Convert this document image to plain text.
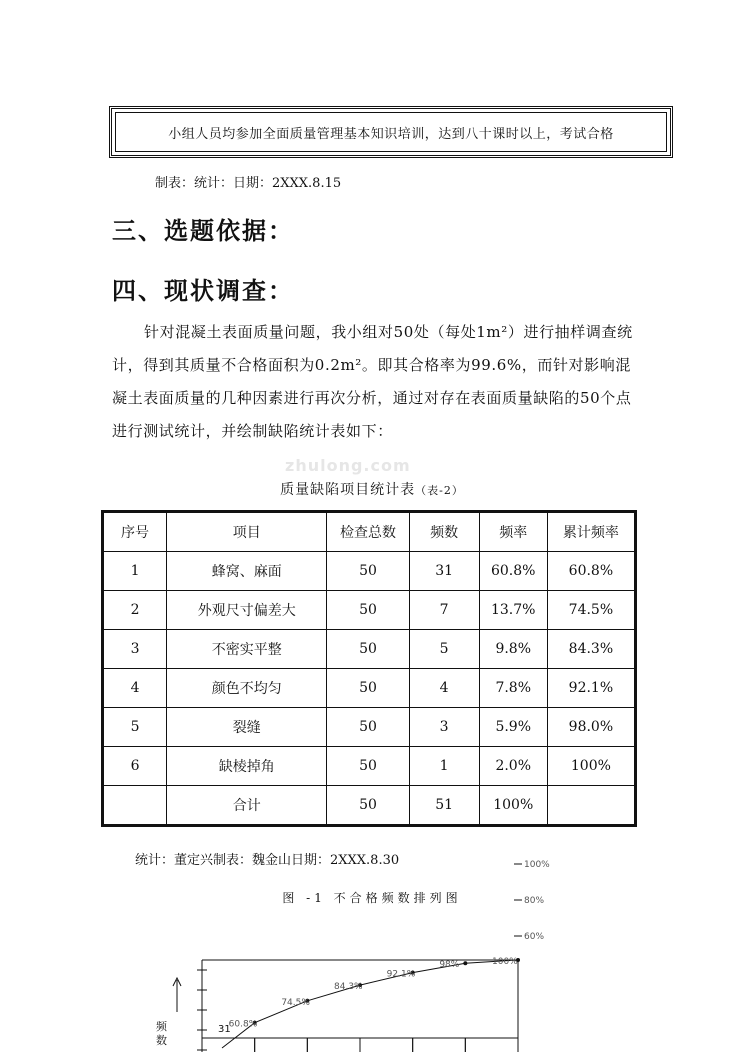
小组人员均参加全面质量管理基本知识培训，达到八十课时以上，考试合格
制表：统计：日期：2XXX.8.15
三、选题依据：
四、现状调查：
针对混凝土表面质量问题，我小组对50处（每处1m²）进行抽样调查统计，得到其质量不合格面积为0.2m²。即其合格率为99.6%，而针对影响混凝土表面质量的几种因素进行再次分析，通过对存在表面质量缺陷的50个点进行测试统计，并绘制缺陷统计表如下：
zhulong.com
质量缺陷项目统计表（表-2）
序号	项目	检查总数	频数	频率	累计频率
1	蜂窝、麻面	50	31	60.8%	60.8%
2	外观尺寸偏差大	50	7	13.7%	74.5%
3	不密实平整	50	5	9.8%	84.3%
4	颜色不均匀	50	4	7.8%	92.1%
5	裂缝	50	3	5.9%	98.0%
6	缺棱掉角	50	1	2.0%	100%
	合计	50	51	100%	
统计：董定兴制表：魏金山日期：2XXX.8.30
图 -1 不合格频数排列图
100%
80%
60%
频
数
31
60.8%
74.5%
84.3%
92.1%
98%	100%
